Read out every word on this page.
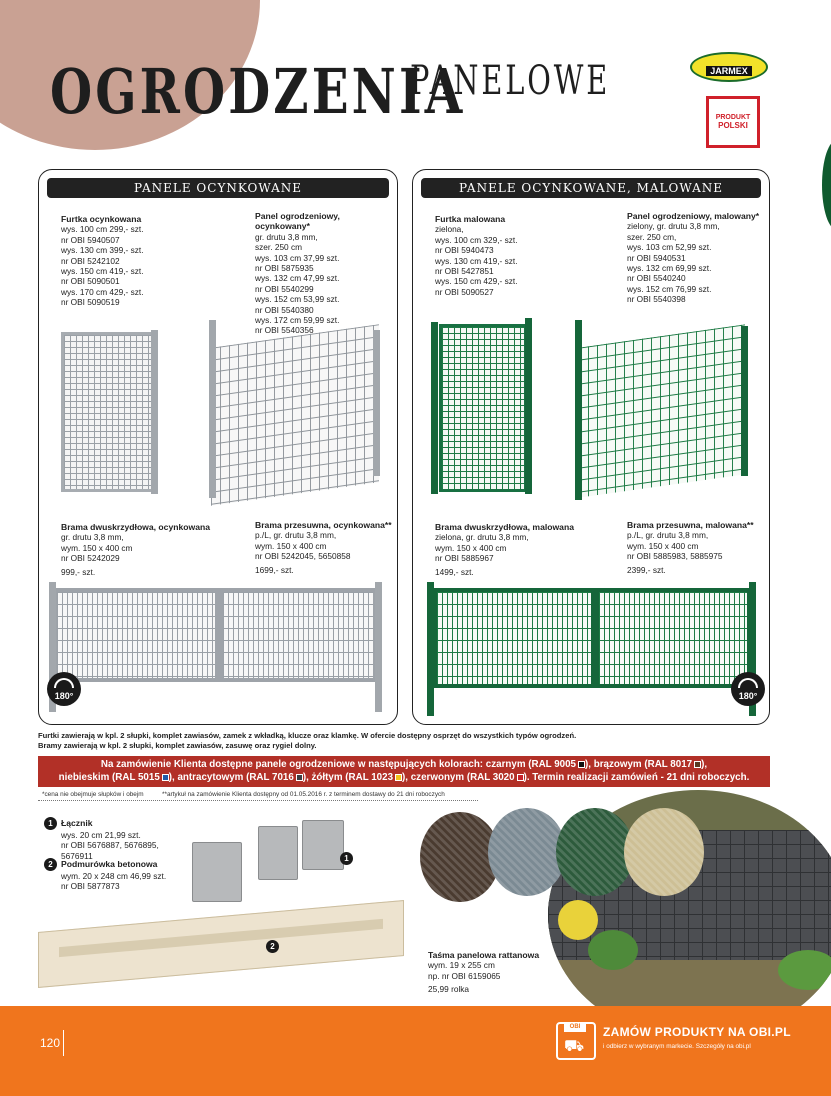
OGRODZENIA
PANELOWE	JARMEX
PRODUKT
POLSKI
PANELE OCYNKOWANE
Furtka ocynkowana
wys. 100 cm 299,- szt.
nr OBI 5940507
wys. 130 cm 399,- szt.
nr OBI 5242102
wys. 150 cm 419,- szt.
nr OBI 5090501
wys. 170 cm 429,- szt.
nr OBI 5090519
Panel ogrodzeniowy, ocynkowany*
gr. drutu 3,8 mm,
szer. 250 cm
wys. 103 cm 37,99 szt.
nr OBI 5875935
wys. 132 cm 47,99 szt.
nr OBI 5540299
wys. 152 cm 53,99 szt.
nr OBI 5540380
wys. 172 cm 59,99 szt.
nr OBI 5540356
Brama dwuskrzydłowa, ocynkowana
gr. drutu 3,8 mm,
wym. 150 x 400 cm
nr OBI 5242029
999,- szt.
Brama przesuwna, ocynkowana**
p./L, gr. drutu 3,8 mm,
wym. 150 x 400 cm
nr OBI 5242045, 5650858
1699,- szt.
180°
PANELE OCYNKOWANE, MALOWANE PROSZKOWO
Furtka malowana
zielona,
wys. 100 cm 329,- szt.
nr OBI 5940473
wys. 130 cm 419,- szt.
nr OBI 5427851
wys. 150 cm 429,- szt.
nr OBI 5090527
Panel ogrodzeniowy, malowany*
zielony, gr. drutu 3,8 mm,
szer. 250 cm,
wys. 103 cm 52,99 szt.
nr OBI 5940531
wys. 132 cm 69,99 szt.
nr OBI 5540240
wys. 152 cm 76,99 szt.
nr OBI 5540398
Brama dwuskrzydłowa, malowana
zielona, gr. drutu 3,8 mm,
wym. 150 x 400 cm
nr OBI 5885967
1499,- szt.
Brama przesuwna, malowana**
p./L, gr. drutu 3,8 mm,
wym. 150 x 400 cm
nr OBI 5885983, 5885975
2399,- szt.
180°
Furtki zawierają w kpl. 2 słupki, komplet zawiasów, zamek z wkładką, klucze oraz klamkę. W ofercie dostępny osprzęt do wszystkich typów ogrodzeń.
Bramy zawierają w kpl. 2 słupki, komplet zawiasów, zasuwę oraz rygiel dolny.
Na zamówienie Klienta dostępne panele ogrodzeniowe w następujących kolorach: czarnym (RAL 9005 ), brązowym (RAL 8017 ),
niebieskim (RAL 5015 ), antracytowym (RAL 7016 ), żółtym (RAL 1023 ), czerwonym (RAL 3020 ). Termin realizacji zamówień - 21 dni roboczych.
*cena nie obejmuje słupków i obejm	**artykuł na zamówienie Klienta dostępny od 01.05.2016 r. z terminem dostawy do 21 dni roboczych
1 Łącznik
wys. 20 cm 21,99 szt.
nr OBI 5676887, 5676895,
5676911
2 Podmurówka betonowa
wym. 20 x 248 cm 46,99 szt.
nr OBI 5877873
1
2
Taśma panelowa rattanowa
wym. 19 x 255 cm
np. nr OBI 6159065
25,99 rolka
120
OBI
⛟
ZAMÓW PRODUKTY NA OBI.PL
i odbierz w wybranym markecie. Szczegóły na obi.pl
